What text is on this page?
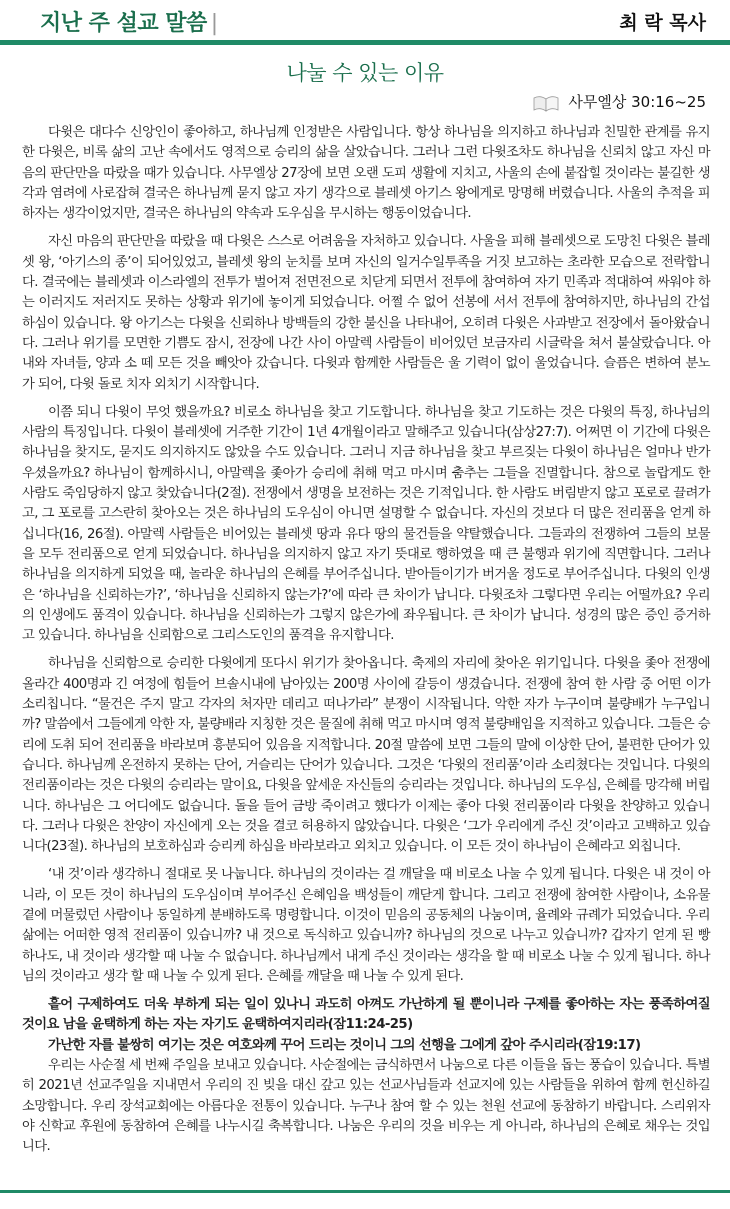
지난 주 설교 말씀 |	최 락 목사
나눌 수 있는 이유
사무엘상 30:16~25

다윗은 대다수 신앙인이 좋아하고, 하나님께 인정받은 사람입니다. 항상 하나님을 의지하고 하나님과 친밀한 관계를 유지한 다윗은, 비록 삶의 고난 속에서도 영적으로 승리의 삶을 살았습니다. 그러나 그런 다윗조차도 하나님을 신뢰치 않고 자신 마음의 판단만을 따랐을 때가 있습니다. 사무엘상 27장에 보면 오랜 도피 생활에 지치고, 사울의 손에 붙잡힐 것이라는 불길한 생각과 염려에 사로잡혀 결국은 하나님께 묻지 않고 자기 생각으로 블레셋 아기스 왕에게로 망명해 버렸습니다. 사울의 추적을 피하자는 생각이었지만, 결국은 하나님의 약속과 도우심을 무시하는 행동이었습니다.

자신 마음의 판단만을 따랐을 때 다윗은 스스로 어려움을 자처하고 있습니다. 사울을 피해 블레셋으로 도망친 다윗은 블레셋 왕, ‘아기스의 종’이 되어있었고, 블레셋 왕의 눈치를 보며 자신의 일거수일투족을 거짓 보고하는 초라한 모습으로 전락합니다. 결국에는 블레셋과 이스라엘의 전투가 벌어져 전면전으로 치닫게 되면서 전투에 참여하여 자기 민족과 적대하여 싸워야 하는 이러지도 저러지도 못하는 상황과 위기에 놓이게 되었습니다. 어쩔 수 없어 선봉에 서서 전투에 참여하지만, 하나님의 간섭하심이 있습니다. 왕 아기스는 다윗을 신뢰하나 방백들의 강한 불신을 나타내어, 오히려 다윗은 사과받고 전장에서 돌아왔습니다. 그러나 위기를 모면한 기쁨도 잠시, 전장에 나간 사이 아말렉 사람들이 비어있던 보금자리 시글락을 쳐서 불살랐습니다. 아내와 자녀들, 양과 소 떼 모든 것을 빼앗아 갔습니다. 다윗과 함께한 사람들은 울 기력이 없이 울었습니다. 슬픔은 변하여 분노가 되어, 다윗 돌로 치자 외치기 시작합니다.

이쯤 되니 다윗이 무엇 했을까요? 비로소 하나님을 찾고 기도합니다. 하나님을 찾고 기도하는 것은 다윗의 특징, 하나님의 사람의 특징입니다. 다윗이 블레셋에 거주한 기간이 1년 4개월이라고 말해주고 있습니다(삼상27:7). 어쩌면 이 기간에 다윗은 하나님을 찾지도, 묻지도 의지하지도 않았을 수도 있습니다. 그러니 지금 하나님을 찾고 부르짖는 다윗이 하나님은 얼마나 반가우셨을까요? 하나님이 함께하시니, 아말렉을 좇아가 승리에 취해 먹고 마시며 춤추는 그들을 진멸합니다. 참으로 놀랍게도 한 사람도 죽임당하지 않고 찾았습니다(2절). 전쟁에서 생명을 보전하는 것은 기적입니다. 한 사람도 버림받지 않고 포로로 끌려가고, 그 포로를 고스란히 찾아오는 것은 하나님의 도우심이 아니면 설명할 수 없습니다. 자신의 것보다 더 많은 전리품을 얻게 하십니다(16, 26절). 아말렉 사람들은 비어있는 블레셋 땅과 유다 땅의 물건들을 약탈했습니다. 그들과의 전쟁하여 그들의 보물을 모두 전리품으로 얻게 되었습니다. 하나님을 의지하지 않고 자기 뜻대로 행하였을 때 큰 불행과 위기에 직면합니다. 그러나 하나님을 의지하게 되었을 때, 놀라운 하나님의 은혜를 부어주십니다. 받아들이기가 버거울 정도로 부어주십니다. 다윗의 인생은 ‘하나님을 신뢰하는가?’, ‘하나님을 신뢰하지 않는가?’에 따라 큰 차이가 납니다. 다윗조차 그렇다면 우리는 어떨까요? 우리의 인생에도 품격이 있습니다. 하나님을 신뢰하는가 그렇지 않은가에 좌우됩니다. 큰 차이가 납니다. 성경의 많은 증인 증거하고 있습니다. 하나님을 신뢰함으로 그리스도인의 품격을 유지합니다.

하나님을 신뢰함으로 승리한 다윗에게 또다시 위기가 찾아옵니다. 축제의 자리에 찾아온 위기입니다. 다윗을 좇아 전쟁에 올라간 400명과 긴 여정에 힘들어 브솔시내에 남아있는 200명 사이에 갈등이 생겼습니다. 전쟁에 참여 한 사람 중 어떤 이가 소리칩니다. “물건은 주지 말고 각자의 처자만 데리고 떠나가라” 분쟁이 시작됩니다. 악한 자가 누구이며 불량배가 누구입니까? 말씀에서 그들에게 악한 자, 불량배라 지칭한 것은 물질에 취해 먹고 마시며 영적 불량배임을 지적하고 있습니다. 그들은 승리에 도취 되어 전리품을 바라보며 흥분되어 있음을 지적합니다. 20절 말씀에 보면 그들의 말에 이상한 단어, 불편한 단어가 있습니다. 하나님께 온전하지 못하는 단어, 거슬리는 단어가 있습니다. 그것은 ‘다윗의 전리품’이라 소리쳤다는 것입니다. 다윗의 전리품이라는 것은 다윗의 승리라는 말이요, 다윗을 앞세운 자신들의 승리라는 것입니다. 하나님의 도우심, 은혜를 망각해 버립니다. 하나님은 그 어디에도 없습니다. 돌을 들어 금방 죽이려고 했다가 이제는 좋아 다윗 전리품이라 다윗을 찬양하고 있습니다. 그러나 다윗은 찬양이 자신에게 오는 것을 결코 허용하지 않았습니다. 다윗은 ‘그가 우리에게 주신 것’이라고 고백하고 있습니다(23절). 하나님의 보호하심과 승리케 하심을 바라보라고 외치고 있습니다. 이 모든 것이 하나님이 은혜라고 외칩니다.

‘내 것’이라 생각하니 절대로 못 나눕니다. 하나님의 것이라는 걸 깨달을 때 비로소 나눌 수 있게 됩니다. 다윗은 내 것이 아니라, 이 모든 것이 하나님의 도우심이며 부어주신 은혜임을 백성들이 깨닫게 합니다. 그리고 전쟁에 참여한 사람이나, 소유물 곁에 머물렀던 사람이나 동일하게 분배하도록 명령합니다. 이것이 믿음의 공동체의 나눔이며, 율례와 규례가 되었습니다. 우리 삶에는 어떠한 영적 전리품이 있습니까? 내 것으로 독식하고 있습니까? 하나님의 것으로 나누고 있습니까? 갑자기 얻게 된 빵 하나도, 내 것이라 생각할 때 나눌 수 없습니다. 하나님께서 내게 주신 것이라는 생각을 할 때 비로소 나눌 수 있게 됩니다. 하나님의 것이라고 생각 할 때 나눌 수 있게 된다. 은혜를 깨달을 때 나눌 수 있게 된다.

흩어 구제하여도 더욱 부하게 되는 일이 있나니 과도히 아껴도 가난하게 될 뿐이니라 구제를 좋아하는 자는 풍족하여질 것이요 남을 윤택하게 하는 자는 자기도 윤택하여지리라(잠11:24-25)

가난한 자를 불쌍히 여기는 것은 여호와께 꾸어 드리는 것이니 그의 선행을 그에게 갚아 주시리라(잠19:17)

우리는 사순절 세 번째 주일을 보내고 있습니다. 사순절에는 금식하면서 나눔으로 다른 이들을 돕는 풍습이 있습니다. 특별히 2021년 선교주일을 지내면서 우리의 진 빚을 대신 갚고 있는 선교사님들과 선교지에 있는 사람들을 위하여 함께 헌신하길 소망합니다. 우리 장석교회에는 아름다운 전통이 있습니다. 누구나 참여 할 수 있는 천원 선교에 동참하기 바랍니다. 스리위자야 신학교 후원에 동참하여 은혜를 나누시길 축복합니다. 나눔은 우리의 것을 비우는 게 아니라, 하나님의 은혜로 채우는 것입니다.
